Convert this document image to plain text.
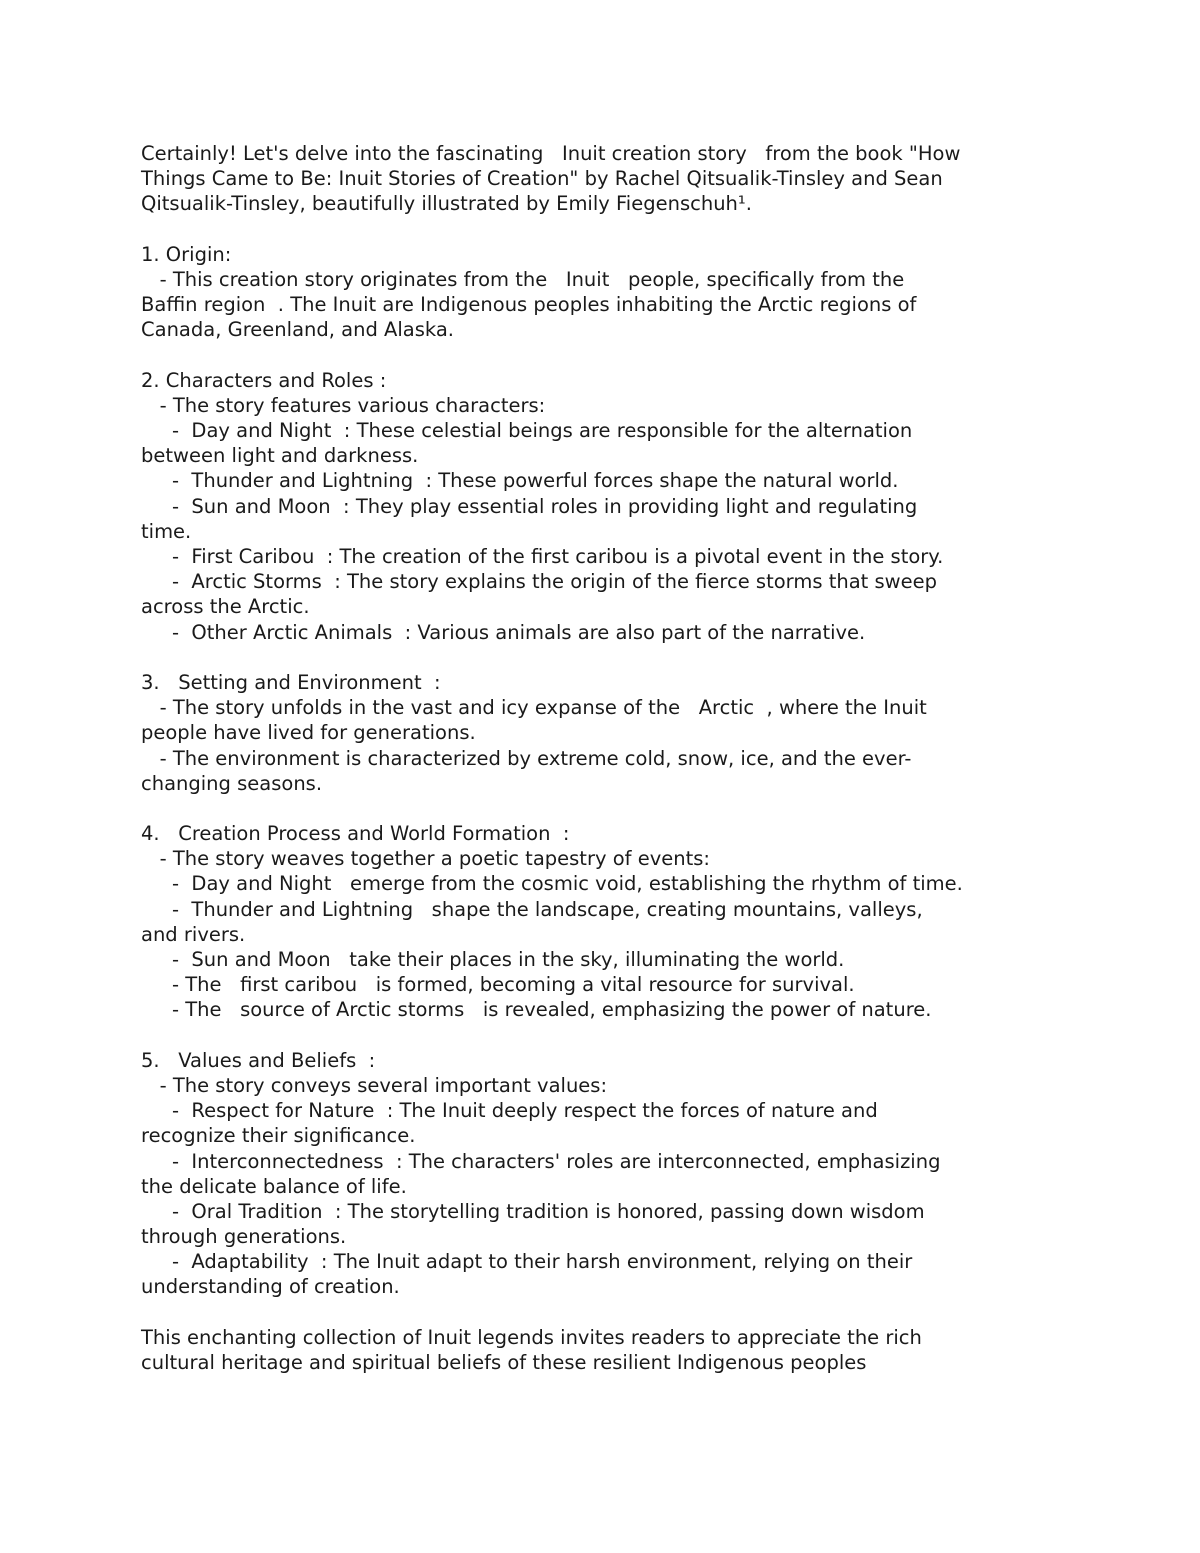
Certainly! Let's delve into the fascinating   Inuit creation story   from the book "How
Things Came to Be: Inuit Stories of Creation" by Rachel Qitsualik-Tinsley and Sean
Qitsualik-Tinsley, beautifully illustrated by Emily Fiegenschuh¹.
1. Origin:
- This creation story originates from the   Inuit   people, specifically from the
Baffin region  . The Inuit are Indigenous peoples inhabiting the Arctic regions of
Canada, Greenland, and Alaska.
2. Characters and Roles :
- The story features various characters:
-  Day and Night  : These celestial beings are responsible for the alternation
between light and darkness.
-  Thunder and Lightning  : These powerful forces shape the natural world.
-  Sun and Moon  : They play essential roles in providing light and regulating
time.
-  First Caribou  : The creation of the first caribou is a pivotal event in the story.
-  Arctic Storms  : The story explains the origin of the fierce storms that sweep
across the Arctic.
-  Other Arctic Animals  : Various animals are also part of the narrative.
3.   Setting and Environment  :
- The story unfolds in the vast and icy expanse of the   Arctic  , where the Inuit
people have lived for generations.
- The environment is characterized by extreme cold, snow, ice, and the ever-
changing seasons.
4.   Creation Process and World Formation  :
- The story weaves together a poetic tapestry of events:
-  Day and Night   emerge from the cosmic void, establishing the rhythm of time.
-  Thunder and Lightning   shape the landscape, creating mountains, valleys,
and rivers.
-  Sun and Moon   take their places in the sky, illuminating the world.
- The   first caribou   is formed, becoming a vital resource for survival.
- The   source of Arctic storms   is revealed, emphasizing the power of nature.
5.   Values and Beliefs  :
- The story conveys several important values:
-  Respect for Nature  : The Inuit deeply respect the forces of nature and
recognize their significance.
-  Interconnectedness  : The characters' roles are interconnected, emphasizing
the delicate balance of life.
-  Oral Tradition  : The storytelling tradition is honored, passing down wisdom
through generations.
-  Adaptability  : The Inuit adapt to their harsh environment, relying on their
understanding of creation.
This enchanting collection of Inuit legends invites readers to appreciate the rich
cultural heritage and spiritual beliefs of these resilient Indigenous peoples
